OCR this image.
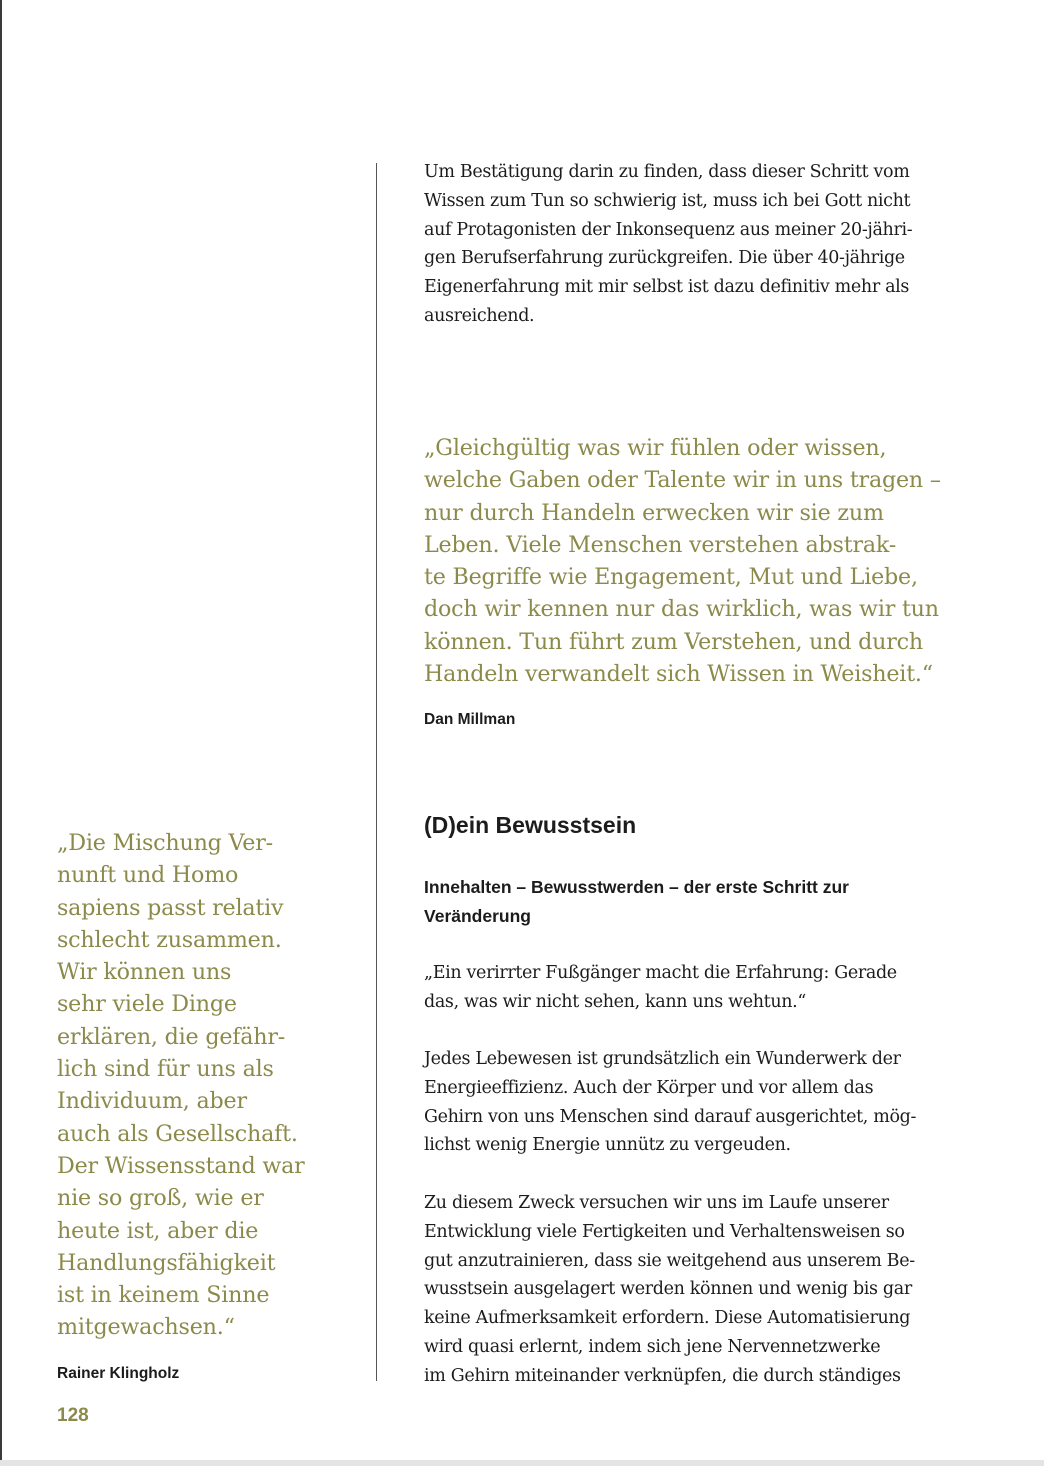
Um Bestätigung darin zu finden, dass dieser Schritt vom
Wissen zum Tun so schwierig ist, muss ich bei Gott nicht
auf Protagonisten der Inkonsequenz aus meiner 20-jähri-
gen Berufserfahrung zurückgreifen. Die über 40-jährige
Eigenerfahrung mit mir selbst ist dazu definitiv mehr als
ausreichend.

„Gleichgültig was wir fühlen oder wissen,
welche Gaben oder Talente wir in uns tragen –
nur durch Handeln erwecken wir sie zum
Leben. Viele Menschen verstehen abstrak-
te Begriffe wie Engagement, Mut und Liebe,
doch wir kennen nur das wirklich, was wir tun
können. Tun führt zum Verstehen, und durch
Handeln verwandelt sich Wissen in Weisheit.“

Dan Millman

(D)ein Bewusstsein

Innehalten – Bewusstwerden – der erste Schritt zur
Veränderung

„Ein verirrter Fußgänger macht die Erfahrung: Gerade
das, was wir nicht sehen, kann uns wehtun.“

Jedes Lebewesen ist grundsätzlich ein Wunderwerk der
Energieeffizienz. Auch der Körper und vor allem das
Gehirn von uns Menschen sind darauf ausgerichtet, mög-
lichst wenig Energie unnütz zu vergeuden.

Zu diesem Zweck versuchen wir uns im Laufe unserer
Entwicklung viele Fertigkeiten und Verhaltensweisen so
gut anzutrainieren, dass sie weitgehend aus unserem Be-
wusstsein ausgelagert werden können und wenig bis gar
keine Aufmerksamkeit erfordern. Diese Automatisierung
wird quasi erlernt, indem sich jene Nervennetzwerke
im Gehirn miteinander verknüpfen, die durch ständiges

„Die Mischung Ver-
nunft und Homo
sapiens passt relativ
schlecht zusammen.
Wir können uns
sehr viele Dinge
erklären, die gefähr-
lich sind für uns als
Individuum, aber
auch als Gesellschaft.
Der Wissensstand war
nie so groß, wie er
heute ist, aber die
Handlungsfähigkeit
ist in keinem Sinne
mitgewachsen.“

Rainer Klingholz

128
